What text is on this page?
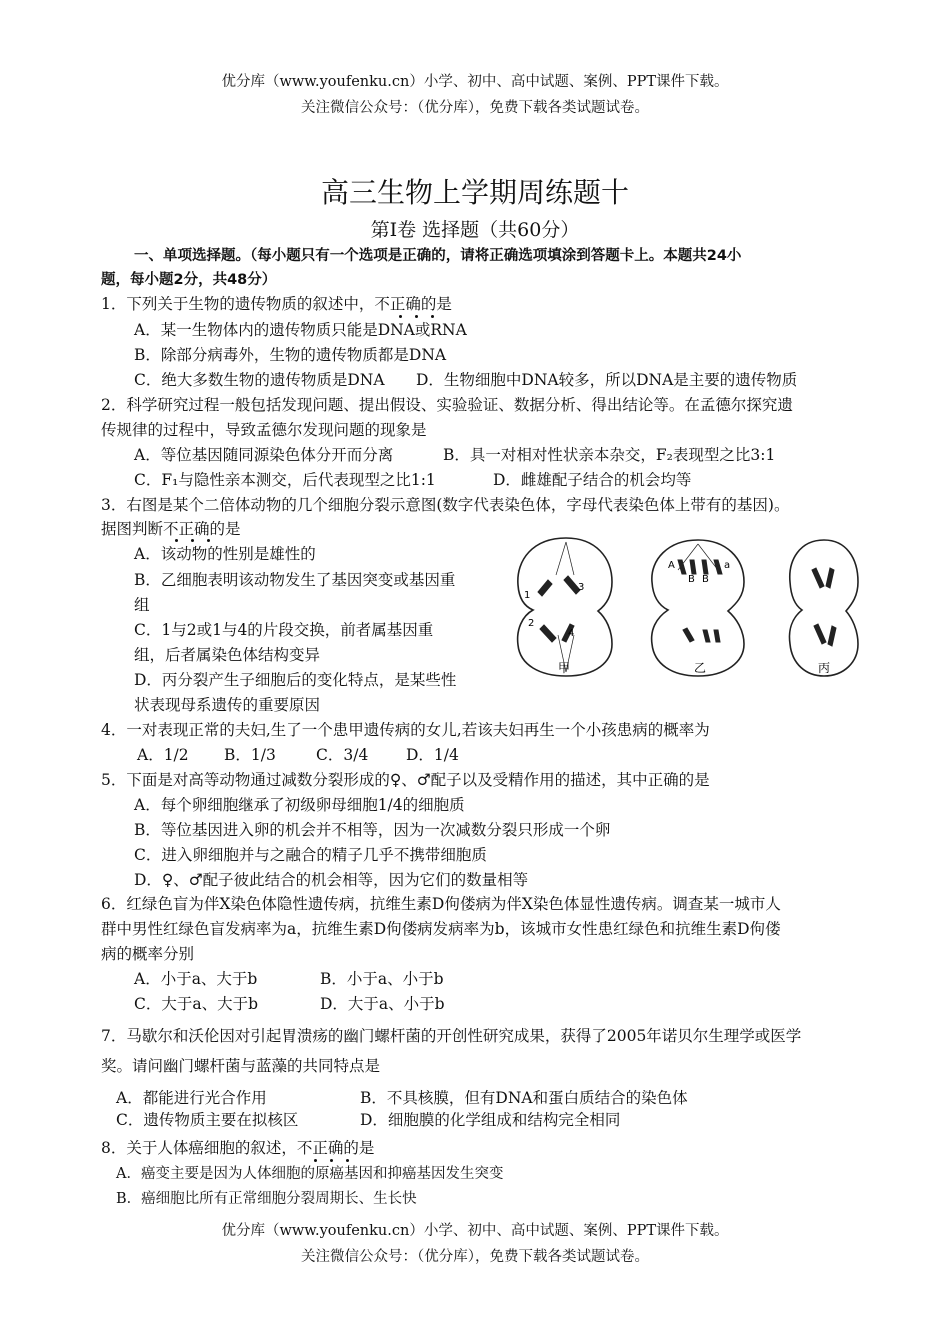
优分库（www.youfenku.cn）小学、初中、高中试题、案例、PPT课件下载。
关注微信公众号：（优分库），免费下载各类试题试卷。
高三生物上学期周练题十
第I卷 选择题（共60分）
一、单项选择题。（每小题只有一个选项是正确的，请将正确选项填涂到答题卡上。本题共24小
题，每小题2分，共48分）
1．下列关于生物的遗传物质的叙述中，不正确的是
A．某一生物体内的遗传物质只能是DNA或RNA
B．除部分病毒外，生物的遗传物质都是DNA
C．绝大多数生物的遗传物质是DNA D．生物细胞中DNA较多，所以DNA是主要的遗传物质
2．科学研究过程一般包括发现问题、提出假设、实验验证、数据分析、得出结论等。在孟德尔探究遗
传规律的过程中，导致孟德尔发现问题的现象是
A．等位基因随同源染色体分开而分离	B．具一对相对性状亲本杂交，F₂表现型之比3:1
C．F₁与隐性亲本测交，后代表现型之比1:1	D．雌雄配子结合的机会均等
3．右图是某个二倍体动物的几个细胞分裂示意图(数字代表染色体，字母代表染色体上带有的基因)。
据图判断不正确的是
A．该动物的性别是雄性的
B．乙细胞表明该动物发生了基因突变或基因重
组
C．1与2或1与4的片段交换，前者属基因重
组，后者属染色体结构变异
D．丙分裂产生子细胞后的变化特点，是某些性
状表现母系遗传的重要原因
1
2
3
4
甲
A
B B
a
乙	丙
4．一对表现正常的夫妇,生了一个患甲遗传病的女儿,若该夫妇再生一个小孩患病的概率为
A．1/2 B．1/3	C．3/4 D．1/4
5．下面是对高等动物通过减数分裂形成的♀、♂配子以及受精作用的描述，其中正确的是
A．每个卵细胞继承了初级卵母细胞1/4的细胞质
B．等位基因进入卵的机会并不相等，因为一次减数分裂只形成一个卵
C．进入卵细胞并与之融合的精子几乎不携带细胞质
D．♀、♂配子彼此结合的机会相等，因为它们的数量相等
6．红绿色盲为伴X染色体隐性遗传病，抗维生素D佝偻病为伴X染色体显性遗传病。调查某一城市人
群中男性红绿色盲发病率为a，抗维生素D佝偻病发病率为b，该城市女性患红绿色和抗维生素D佝偻
病的概率分别
A．小于a、大于b	B．小于a、小于b
C．大于a、大于b	D．大于a、小于b
7．马歇尔和沃伦因对引起胃溃疡的幽门螺杆菌的开创性研究成果，获得了2005年诺贝尔生理学或医学
奖。请问幽门螺杆菌与蓝藻的共同特点是
A．都能进行光合作用	B．不具核膜，但有DNA和蛋白质结合的染色体
C．遗传物质主要在拟核区	D．细胞膜的化学组成和结构完全相同
8．关于人体癌细胞的叙述，不正确的是
A．癌变主要是因为人体细胞的原癌基因和抑癌基因发生突变
B．癌细胞比所有正常细胞分裂周期长、生长快
优分库（www.youfenku.cn）小学、初中、高中试题、案例、PPT课件下载。
关注微信公众号：（优分库），免费下载各类试题试卷。
